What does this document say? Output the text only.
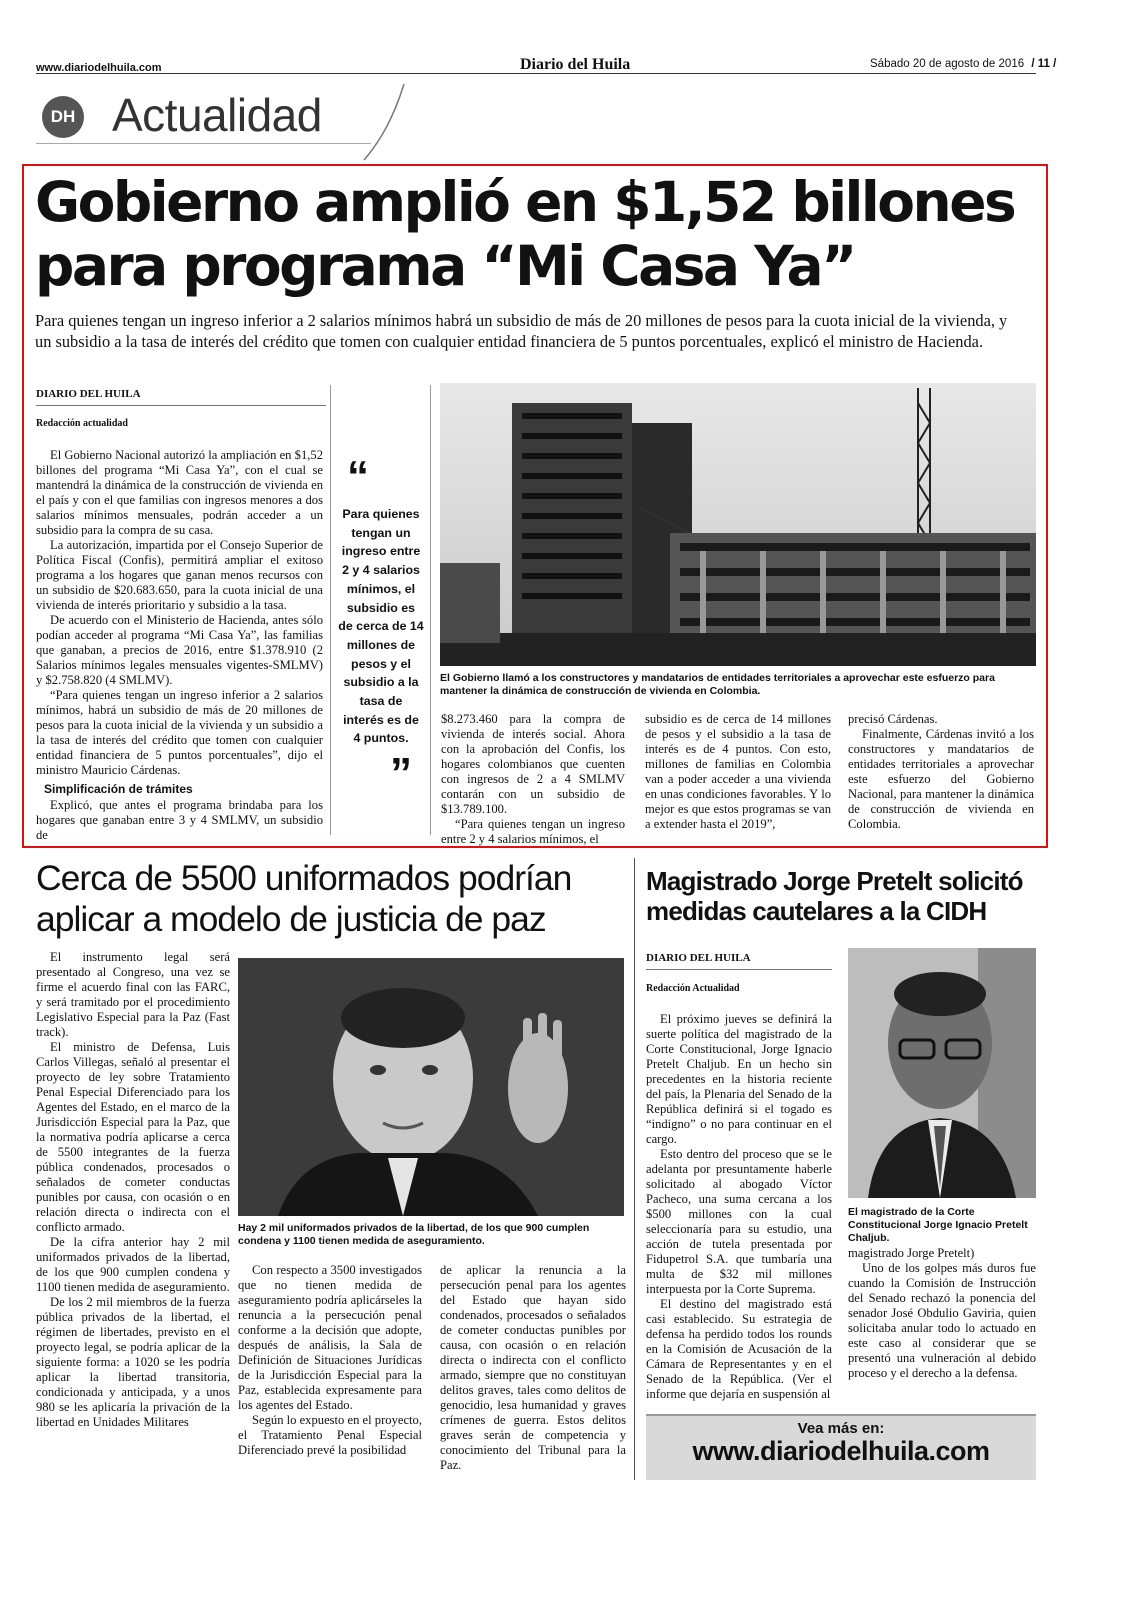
www.diariodelhuila.com	Diario del Huila	Sábado 20 de agosto de 2016 / 11 /
DH Actualidad
Gobierno amplió en $1,52 billones para programa “Mi Casa Ya”
Para quienes tengan un ingreso inferior a 2 salarios mínimos habrá un subsidio de más de 20 millones de pesos para la cuota inicial de la vivienda, y un subsidio a la tasa de interés del crédito que tomen con cualquier entidad financiera de 5 puntos porcentuales, explicó el ministro de Hacienda.
DIARIO DEL HUILA
Redacción actualidad

El Gobierno Nacional autorizó la ampliación en $1,52 billones del programa “Mi Casa Ya”, con el cual se mantendrá la dinámica de la construcción de vivienda en el país y con el que familias con ingresos menores a dos salarios mínimos mensuales, podrán acceder a un subsidio para la compra de su casa.

La autorización, impartida por el Consejo Superior de Política Fiscal (Confis), permitirá ampliar el exitoso programa a los hogares que ganan menos recursos con un subsidio de $20.683.650, para la cuota inicial de una vivienda de interés prioritario y subsidio a la tasa.

De acuerdo con el Ministerio de Hacienda, antes sólo podían acceder al programa “Mi Casa Ya”, las familias que ganaban, a precios de 2016, entre $1.378.910 (2 Salarios mínimos legales mensuales vigentes-SMLMV) y $2.758.820 (4 SMLMV).

“Para quienes tengan un ingreso inferior a 2 salarios mínimos, habrá un subsidio de más de 20 millones de pesos para la cuota inicial de la vivienda y un subsidio a la tasa de interés del crédito que tomen con cualquier entidad financiera de 5 puntos porcentuales”, dijo el ministro Mauricio Cárdenas.

Simplificación de trámites

Explicó, que antes el programa brindaba para los hogares que ganaban entre 3 y 4 SMLMV, un subsidio de

“
Para quienes tengan un ingreso entre 2 y 4 salarios mínimos, el subsidio es de cerca de 14 millones de pesos y el subsidio a la tasa de interés es de 4 puntos.
”
El Gobierno llamó a los constructores y mandatarios de entidades territoriales a aprovechar este esfuerzo para mantener la dinámica de construcción de vivienda en Colombia.

$8.273.460 para la compra de vivienda de interés social. Ahora con la aprobación del Confis, los hogares colombianos que cuenten con ingresos de 2 a 4 SMLMV contarán con un subsidio de $13.789.100.

“Para quienes tengan un ingreso entre 2 y 4 salarios mínimos, el

subsidio es de cerca de 14 millones de pesos y el subsidio a la tasa de interés es de 4 puntos. Con esto, millones de familias en Colombia van a poder acceder a una vivienda en unas condiciones favorables. Y lo mejor es que estos programas se van a extender hasta el 2019”,

precisó Cárdenas.

Finalmente, Cárdenas invitó a los constructores y mandatarios de entidades territoriales a aprovechar este esfuerzo del Gobierno Nacional, para mantener la dinámica de construcción de vivienda en Colombia.

Cerca de 5500 uniformados podrían aplicar a modelo de justicia de paz

El instrumento legal será presentado al Congreso, una vez se firme el acuerdo final con las FARC, y será tramitado por el procedimiento Legislativo Especial para la Paz (Fast track).

El ministro de Defensa, Luis Carlos Villegas, señaló al presentar el proyecto de ley sobre Tratamiento Penal Especial Diferenciado para los Agentes del Estado, en el marco de la Jurisdicción Especial para la Paz, que la normativa podría aplicarse a cerca de 5500 integrantes de la fuerza pública condenados, procesados o señalados de cometer conductas punibles por causa, con ocasión o en relación directa o indirecta con el conflicto armado.

De la cifra anterior hay 2 mil uniformados privados de la libertad, de los que 900 cumplen condena y 1100 tienen medida de aseguramiento.

De los 2 mil miembros de la fuerza pública privados de la libertad, el régimen de libertades, previsto en el proyecto legal, se podría aplicar de la siguiente forma: a 1020 se les podría aplicar la libertad transitoria, condicionada y anticipada, y a unos 980 se les aplicaría la privación de la libertad en Unidades Militares

Hay 2 mil uniformados privados de la libertad, de los que 900 cumplen condena y 1100 tienen medida de aseguramiento.

Con respecto a 3500 investigados que no tienen medida de aseguramiento podría aplicárseles la renuncia a la persecución penal conforme a la decisión que adopte, después de análisis, la Sala de Definición de Situaciones Jurídicas de la Jurisdicción Especial para la Paz, establecida expresamente para los agentes del Estado.

Según lo expuesto en el proyecto, el Tratamiento Penal Especial Diferenciado prevé la posibilidad

de aplicar la renuncia a la persecución penal para los agentes del Estado que hayan sido condenados, procesados o señalados de cometer conductas punibles por causa, con ocasión o en relación directa o indirecta con el conflicto armado, siempre que no constituyan delitos graves, tales como delitos de genocidio, lesa humanidad y graves crímenes de guerra. Estos delitos graves serán de competencia y conocimiento del Tribunal para la Paz.

Magistrado Jorge Pretelt solicitó medidas cautelares a la CIDH
DIARIO DEL HUILA
Redacción Actualidad

El próximo jueves se definirá la suerte política del magistrado de la Corte Constitucional, Jorge Ignacio Pretelt Chaljub. En un hecho sin precedentes en la historia reciente del país, la Plenaria del Senado de la República definirá si el togado es “indigno” o no para continuar en el cargo.

Esto dentro del proceso que se le adelanta por presuntamente haberle solicitado al abogado Víctor Pacheco, una suma cercana a los $500 millones con la cual seleccionaría para su estudio, una acción de tutela presentada por Fidupetrol S.A. que tumbaría una multa de $32 mil millones interpuesta por la Corte Suprema.

El destino del magistrado está casi establecido. Su estrategia de defensa ha perdido todos los rounds en la Comisión de Acusación de la Cámara de Representantes y en el Senado de la República. (Ver el informe que dejaría en suspensión al

El magistrado de la Corte Constitucional Jorge Ignacio Pretelt Chaljub.

magistrado Jorge Pretelt)

Uno de los golpes más duros fue cuando la Comisión de Instrucción del Senado rechazó la ponencia del senador José Obdulio Gaviria, quien solicitaba anular todo lo actuado en este caso al considerar que se presentó una vulneración al debido proceso y el derecho a la defensa.

Vea más en:
www.diariodelhuila.com
